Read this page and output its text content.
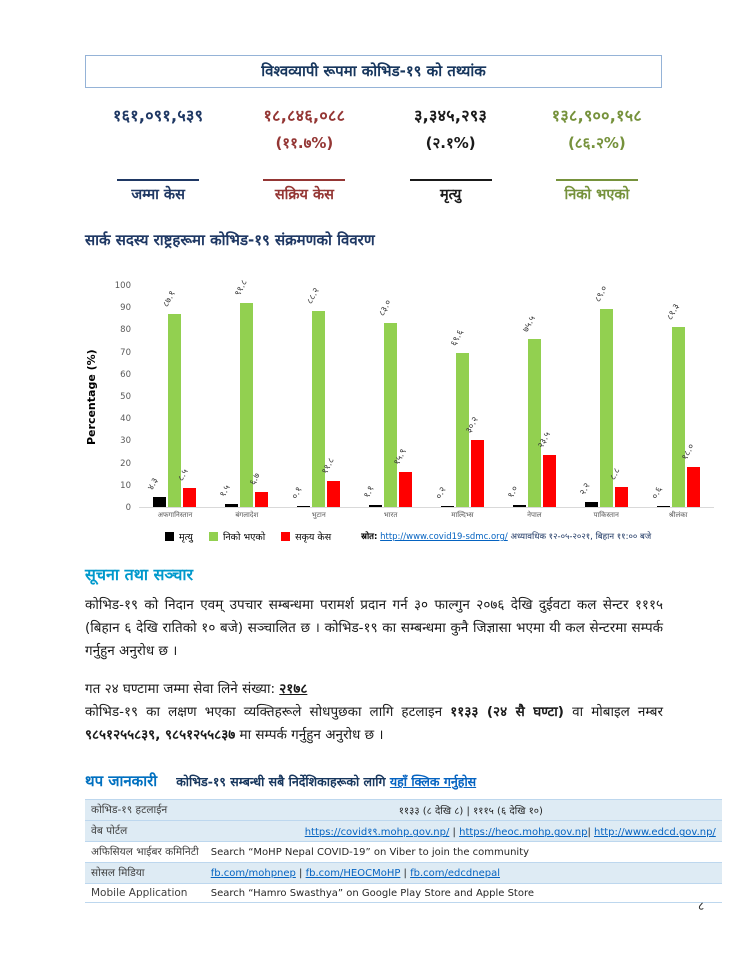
विश्वव्यापी रूपमा कोभिड-१९ को तथ्यांक
१६१,०९१,५३९
जम्मा केस
१८,८४६,०८८
(११.७%)
सक्रिय केस
३,३४५,२९३
(२.१%)
मृत्यु
१३८,९००,१५८
(८६.२%)
निको भएको
सार्क सदस्य राष्ट्रहरूमा कोभिड-१९ संक्रमणको विवरण
Percentage (%)
0
10
20
30
40
50
60
70
80
90
100
४.३
८७.१
८.५
अफगानिस्तान
१.५
९१.८
६.७
बंगलादेश
०.१
८८.२
११.८
भुटान
१.१
८३.०
१५.९
भारत
०.२
६९.६
३०.२
माल्दिभ्स
१.०
७५.५
२३.५
नेपाल
२.२
८९.०
८.८
पाकिस्तान
०.६
८१.३
१८.०
श्रीलंका
मृत्यु	निको भएको	सकृय केस	स्रोत: http://www.covid19-sdmc.org/ अध्यावधिक १२-०५-२०२१, बिहान ११:०० बजे
सूचना तथा सञ्चार

कोभिड-१९ को निदान एवम् उपचार सम्बन्धमा परामर्श प्रदान गर्न ३० फाल्गुन २०७६ देखि दुईवटा कल सेन्टर १११५ (बिहान ६ देखि रातिको १० बजे) सञ्चालित छ । कोभिड-१९ का सम्बन्धमा कुनै जिज्ञासा भएमा यी कल सेन्टरमा सम्पर्क गर्नुहुन अनुरोध छ ।

गत २४ घण्टामा जम्मा सेवा लिने संख्या: २१७८
कोभिड-१९ का लक्षण भएका व्यक्तिहरूले सोधपुछका लागि हटलाइन ११३३ (२४ सै घण्टा) वा मोबाइल नम्बर ९८५१२५५८३९, ९८५१२५५८३७ मा सम्पर्क गर्नुहुन अनुरोध छ ।

थप जानकारी कोभिड-१९ सम्बन्धी सबै निर्देशिकाहरूको लागि यहाँ क्लिक गर्नुहोस
कोभिड-१९ हटलाईन	११३३ (८ देखि ८) | १११५ (६ देखि १०)
वेब पोर्टल	https://covid१९.mohp.gov.np/ | https://heoc.mohp.gov.np| http://www.edcd.gov.np/
अफिसियल भाईबर कमिनिटी	Search “MoHP Nepal COVID-19” on Viber to join the community
सोसल मिडिया	fb.com/mohpnep | fb.com/HEOCMoHP | fb.com/edcdnepal
Mobile Application	Search “Hamro Swasthya” on Google Play Store and Apple Store
८
